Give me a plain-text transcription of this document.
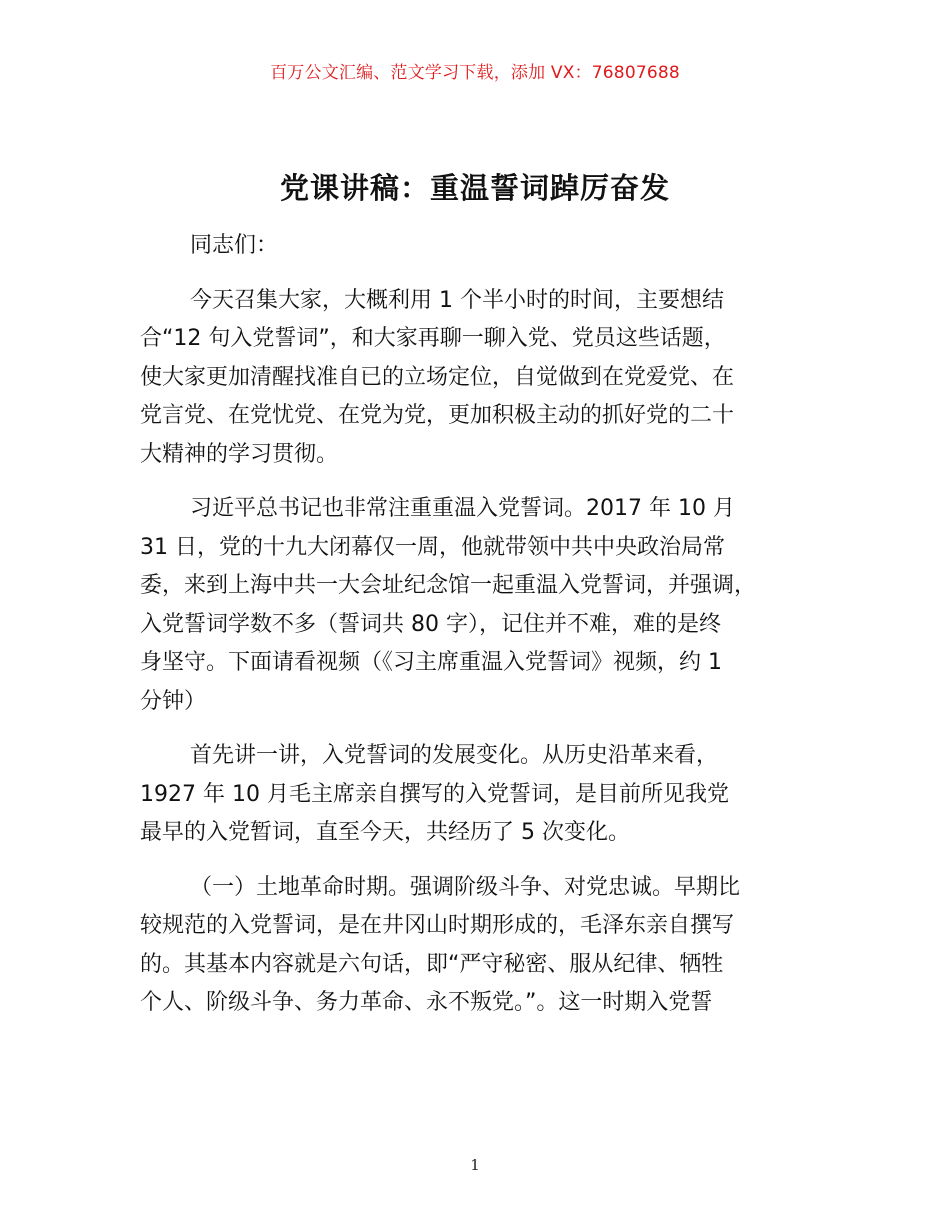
百万公文汇编、范文学习下载，添加 VX：76807688
党课讲稿：重温誓词踔厉奋发
同志们：
今天召集大家，大概利用 1 个半小时的时间，主要想结
合“12 句入党誓词”，和大家再聊一聊入党、党员这些话题，
使大家更加清醒找准自已的立场定位，自觉做到在党爱党、在
党言党、在党忧党、在党为党，更加积极主动的抓好党的二十
大精神的学习贯彻。
习近平总书记也非常注重重温入党誓词。2017 年 10 月
31 日，党的十九大闭幕仅一周，他就带领中共中央政治局常
委，来到上海中共一大会址纪念馆一起重温入党誓词，并强调，
入党誓词学数不多（誓词共 80 字），记住并不难，难的是终
身坚守。下面请看视频（《习主席重温入党誓词》视频，约 1
分钟）
首先讲一讲，入党誓词的发展变化。从历史沿革来看，
1927 年 10 月毛主席亲自撰写的入党誓词，是目前所见我党
最早的入党暂词，直至今天，共经历了 5 次变化。
（一）土地革命时期。强调阶级斗争、对党忠诚。早期比
较规范的入党誓词，是在井冈山时期形成的，毛泽东亲自撰写
的。其基本内容就是六句话，即“严守秘密、服从纪律、牺牲
个人、阶级斗争、务力革命、永不叛党。”。这一时期入党誓
1
